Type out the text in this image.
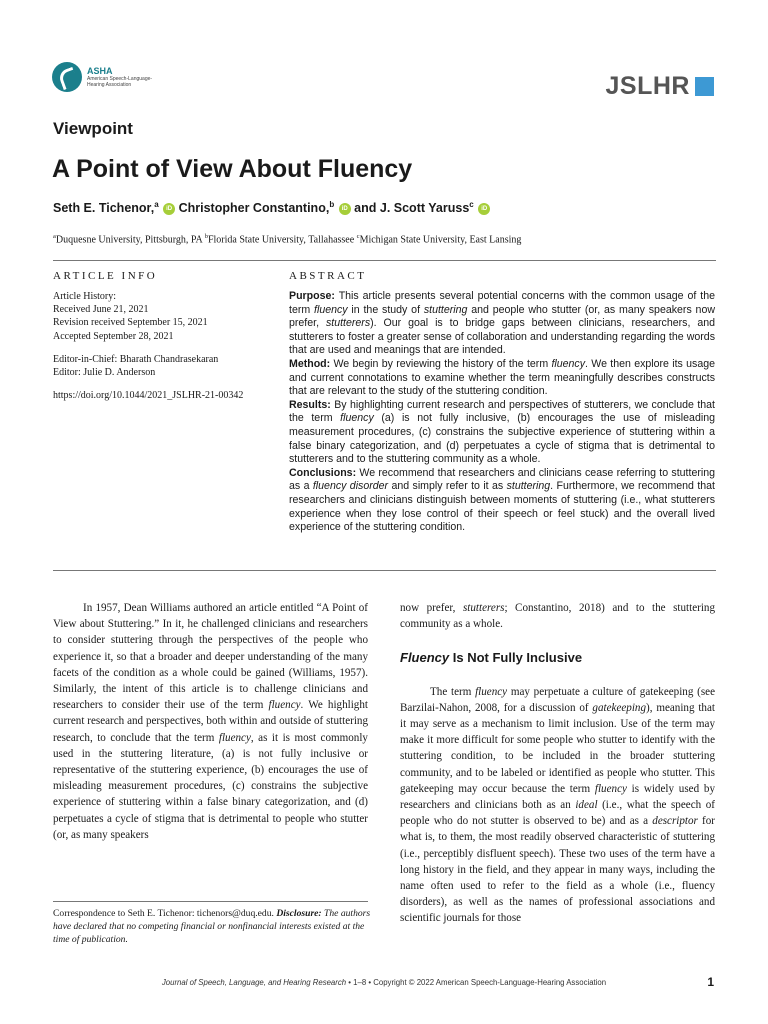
ASHA
American Speech-Language-Hearing Association	JSLHR
Viewpoint
A Point of View About Fluency
Seth E. Tichenor,$^a$ iD Christopher Constantino,$^b$ iD and J. Scott Yaruss$^c$ iD
$^a$Duquesne University, Pittsburgh, PA $^b$Florida State University, Tallahassee $^c$Michigan State University, East Lansing
ARTICLE INFO

Article History:
Received June 21, 2021
Revision received September 15, 2021
Accepted September 28, 2021

Editor-in-Chief: Bharath Chandrasekaran
Editor: Julie D. Anderson

https://doi.org/10.1044/2021_JSLHR-21-00342

ABSTRACT

Purpose: This article presents several potential concerns with the common usage of the term fluency in the study of stuttering and people who stutter (or, as many speakers now prefer, stutterers). Our goal is to bridge gaps between clinicians, researchers, and stutterers to foster a greater sense of collaboration and understanding regarding the words that are used and meanings that are intended.
Method: We begin by reviewing the history of the term fluency. We then explore its usage and current connotations to examine whether the term meaningfully describes constructs that are relevant to the study of the stuttering condition.
Results: By highlighting current research and perspectives of stutterers, we conclude that the term fluency (a) is not fully inclusive, (b) encourages the use of misleading measurement procedures, (c) constrains the subjective experience of stuttering within a false binary categorization, and (d) perpetuates a cycle of stigma that is detrimental to stutterers and to the stuttering community as a whole.
Conclusions: We recommend that researchers and clinicians cease referring to stuttering as a fluency disorder and simply refer to it as stuttering. Furthermore, we recommend that researchers and clinicians distinguish between moments of stuttering (i.e., what stutterers experience when they lose control of their speech or feel stuck) and the overall lived experience of the stuttering condition.

In 1957, Dean Williams authored an article entitled “A Point of View about Stuttering.” In it, he challenged clinicians and researchers to consider stuttering through the perspectives of the people who experience it, so that a broader and deeper understanding of the many facets of the condition as a whole could be gained (Williams, 1957). Similarly, the intent of this article is to challenge clinicians and researchers to consider their use of the term fluency. We highlight current research and perspectives, both within and outside of stuttering research, to conclude that the term fluency, as it is most commonly used in the stuttering literature, (a) is not fully inclusive or representative of the stuttering experience, (b) encourages the use of misleading measurement procedures, (c) constrains the subjective experience of stuttering within a false binary categorization, and (d) perpetuates a cycle of stigma that is detrimental to people who stutter (or, as many speakers

now prefer, stutterers; Constantino, 2018) and to the stuttering community as a whole.

Fluency Is Not Fully Inclusive

The term fluency may perpetuate a culture of gatekeeping (see Barzilai-Nahon, 2008, for a discussion of gatekeeping), meaning that it may serve as a mechanism to limit inclusion. Use of the term may make it more difficult for some people who stutter to identify with the stuttering condition, to be included in the broader stuttering community, and to be labeled or identified as people who stutter. This gatekeeping may occur because the term fluency is widely used by researchers and clinicians both as an ideal (i.e., what the speech of people who do not stutter is observed to be) and as a descriptor for what is, to them, the most readily observed characteristic of stuttering (i.e., perceptibly disfluent speech). These two uses of the term have a long history in the field, and they appear in many ways, including the name often used to refer to the field as a whole (i.e., fluency disorders), as well as the names of professional associations and scientific journals for those

Correspondence to Seth E. Tichenor: tichenors@duq.edu. Disclosure: The authors have declared that no competing financial or nonfinancial interests existed at the time of publication.
Journal of Speech, Language, and Hearing Research • 1–8 • Copyright © 2022 American Speech-Language-Hearing Association	1
